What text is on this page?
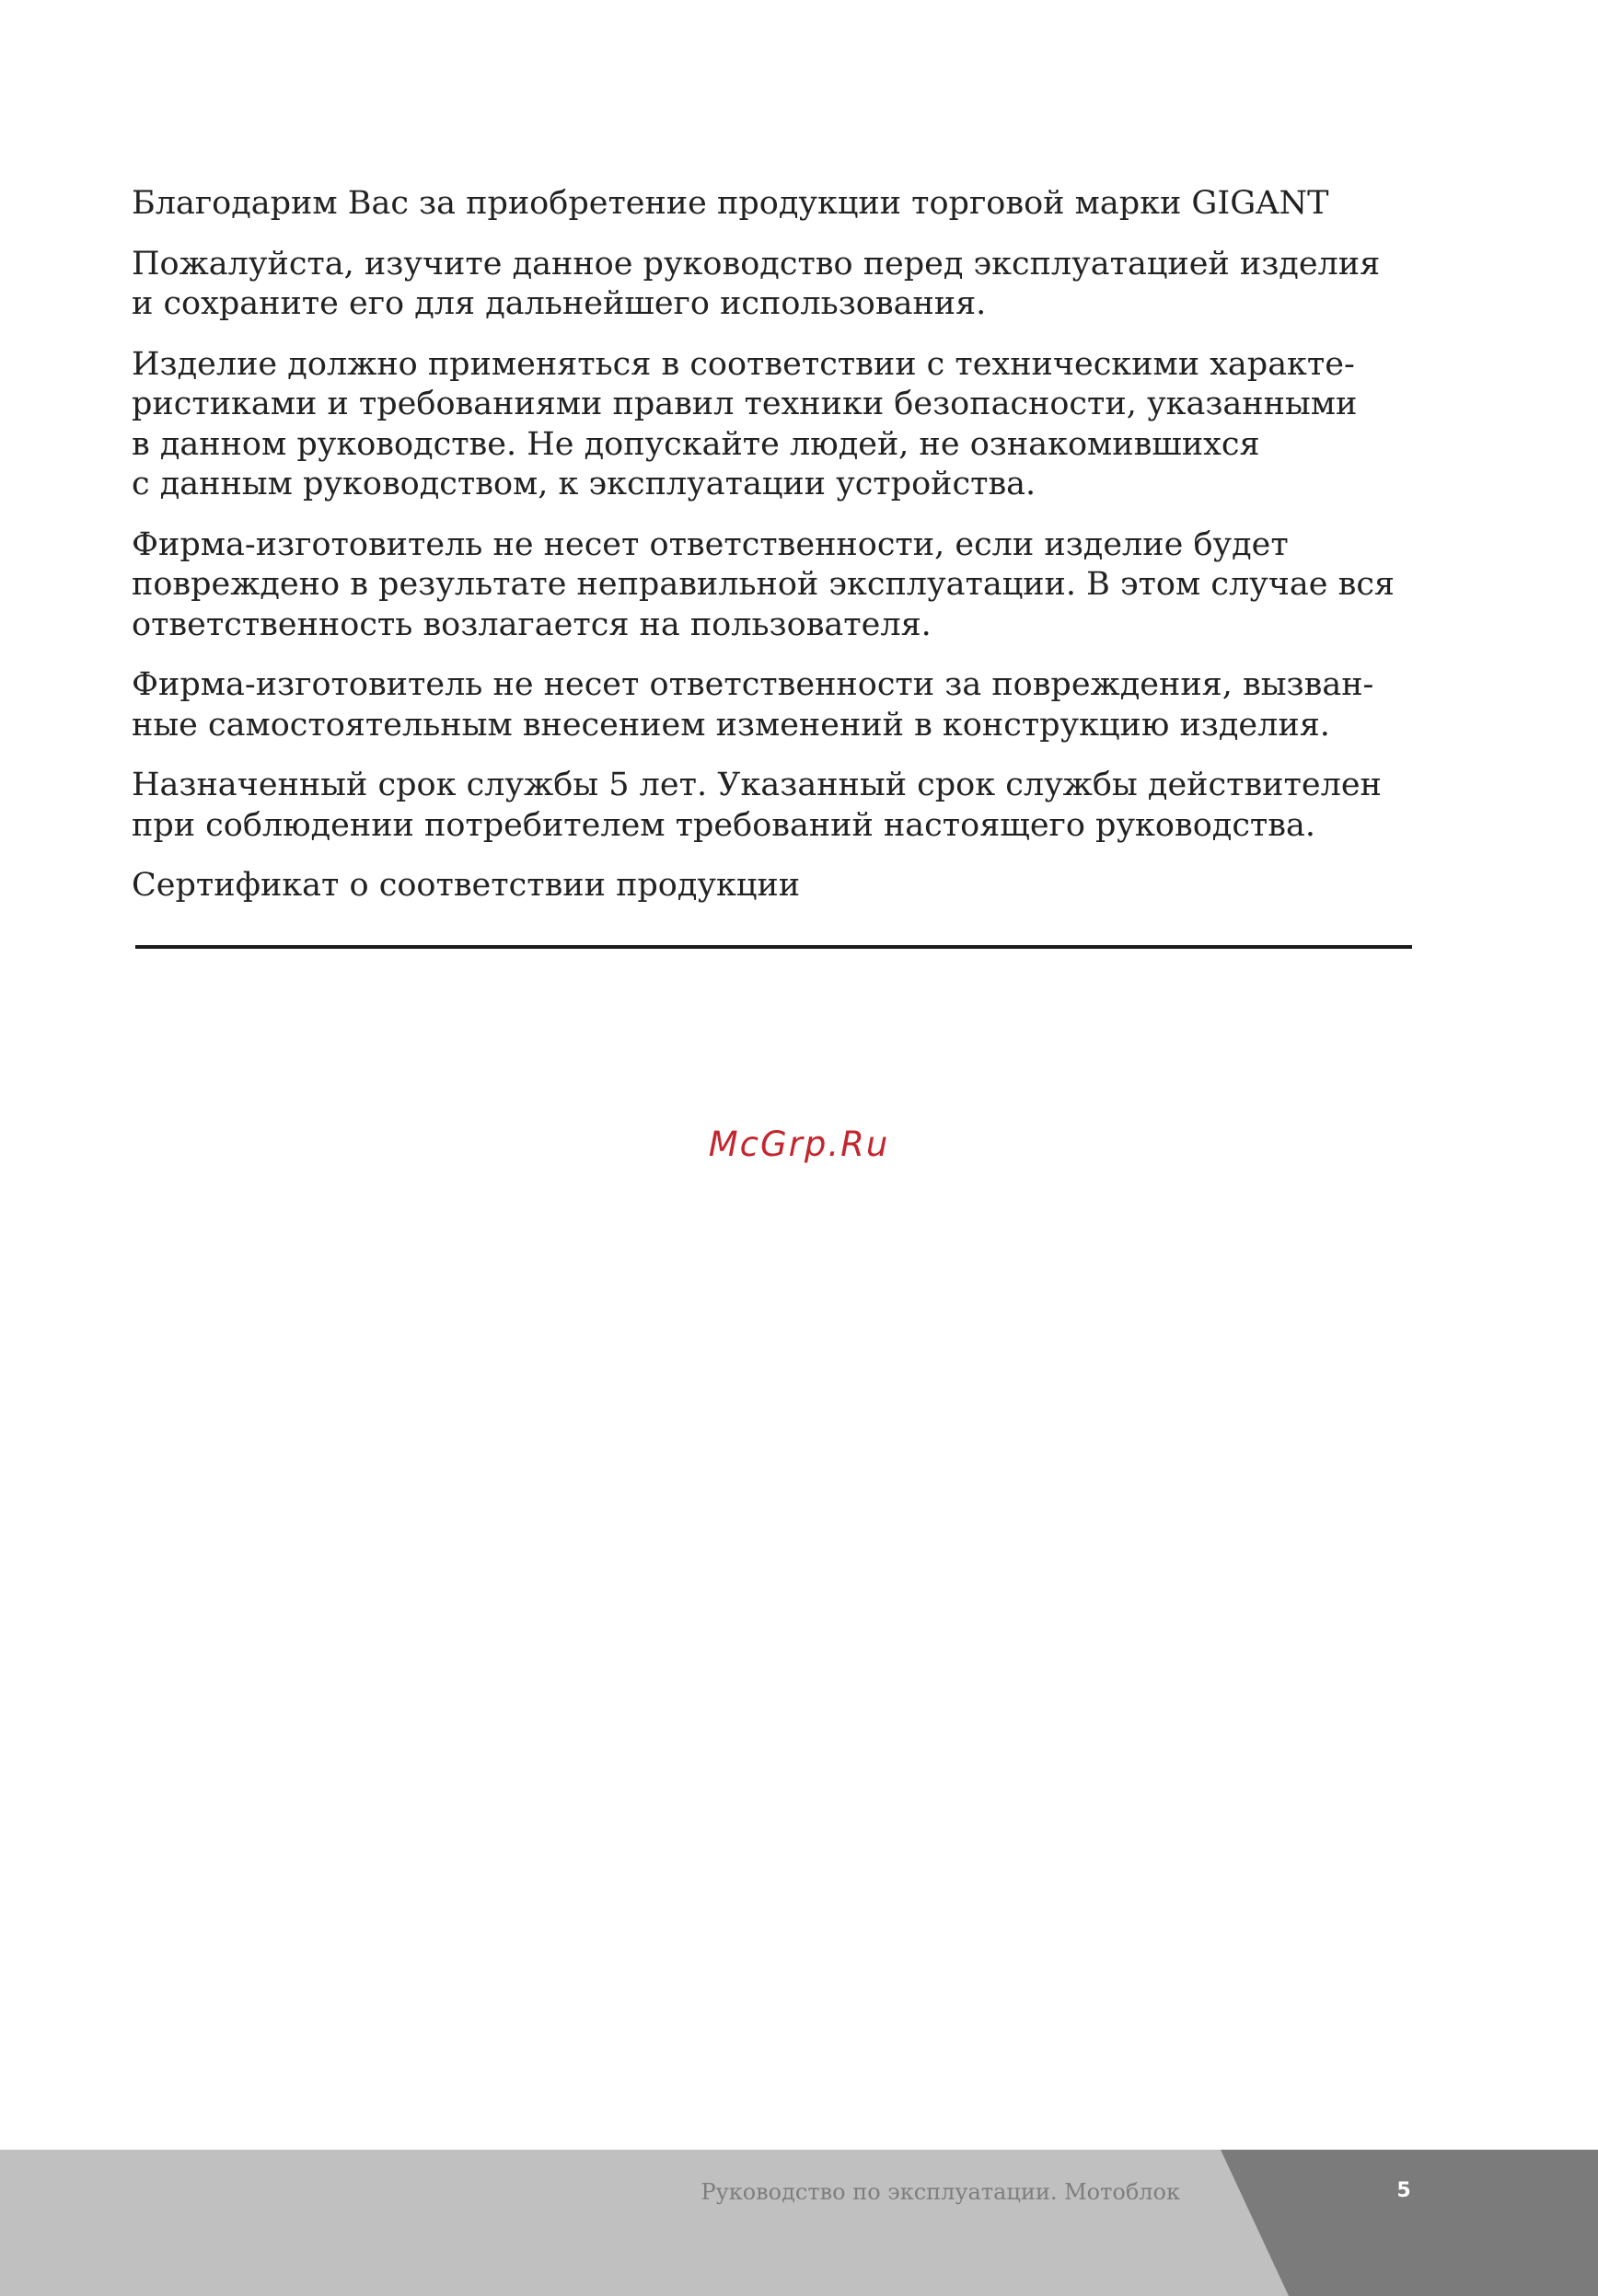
Благодарим Вас за приобретение продукции торговой марки GIGANT

Пожалуйста, изучите данное руководство перед эксплуатацией изделия
и сохраните его для дальнейшего использования.

Изделие должно применяться в соответствии с техническими характе-
ристиками и требованиями правил техники безопасности, указанными
в данном руководстве. Не допускайте людей, не ознакомившихся
с данным руководством, к эксплуатации устройства.

Фирма-изготовитель не несет ответственности, если изделие будет
повреждено в результате неправильной эксплуатации. В этом случае вся
ответственность возлагается на пользователя.

Фирма-изготовитель не несет ответственности за повреждения, вызван-
ные самостоятельным внесением изменений в конструкцию изделия.

Назначенный срок службы 5 лет. Указанный срок службы действителен
при соблюдении потребителем требований настоящего руководства.

Сертификат о соответствии продукции

McGrp.Ru
Руководство по эксплуатации. Мотоблок	5
